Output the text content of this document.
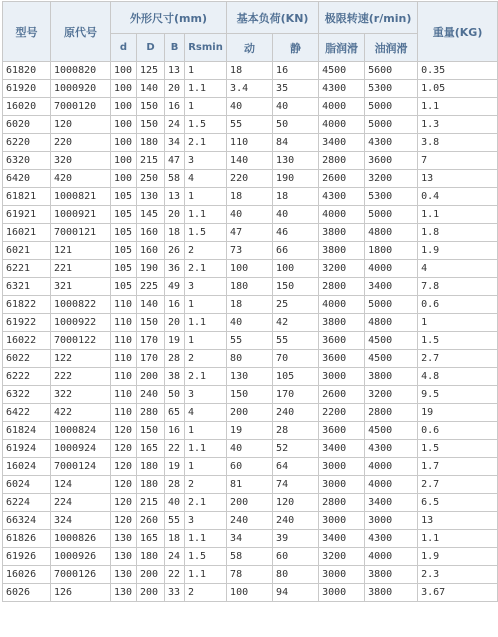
型号	原代号	外形尺寸(mm)				基本负荷(KN)		极限转速(r/min)		重量(KG)
		d	D	B	Rsmin	动	静	脂润滑	油润滑	
61820	1000820	100	125	13	1	18	16	4500	5600	0.35
61920	1000920	100	140	20	1.1	3.4	35	4300	5300	1.05
16020	7000120	100	150	16	1	40	40	4000	5000	1.1
6020	120	100	150	24	1.5	55	50	4000	5000	1.3
6220	220	100	180	34	2.1	110	84	3400	4300	3.8
6320	320	100	215	47	3	140	130	2800	3600	7
6420	420	100	250	58	4	220	190	2600	3200	13
61821	1000821	105	130	13	1	18	18	4300	5300	0.4
61921	1000921	105	145	20	1.1	40	40	4000	5000	1.1
16021	7000121	105	160	18	1.5	47	46	3800	4800	1.8
6021	121	105	160	26	2	73	66	3800	1800	1.9
6221	221	105	190	36	2.1	100	100	3200	4000	4
6321	321	105	225	49	3	180	150	2800	3400	7.8
61822	1000822	110	140	16	1	18	25	4000	5000	0.6
61922	1000922	110	150	20	1.1	40	42	3800	4800	1
16022	7000122	110	170	19	1	55	55	3600	4500	1.5
6022	122	110	170	28	2	80	70	3600	4500	2.7
6222	222	110	200	38	2.1	130	105	3000	3800	4.8
6322	322	110	240	50	3	150	170	2600	3200	9.5
6422	422	110	280	65	4	200	240	2200	2800	19
61824	1000824	120	150	16	1	19	28	3600	4500	0.6
61924	1000924	120	165	22	1.1	40	52	3400	4300	1.5
16024	7000124	120	180	19	1	60	64	3000	4000	1.7
6024	124	120	180	28	2	81	74	3000	4000	2.7
6224	224	120	215	40	2.1	200	120	2800	3400	6.5
66324	324	120	260	55	3	240	240	3000	3000	13
61826	1000826	130	165	18	1.1	34	39	3400	4300	1.1
61926	1000926	130	180	24	1.5	58	60	3200	4000	1.9
16026	7000126	130	200	22	1.1	78	80	3000	3800	2.3
6026	126	130	200	33	2	100	94	3000	3800	3.67
